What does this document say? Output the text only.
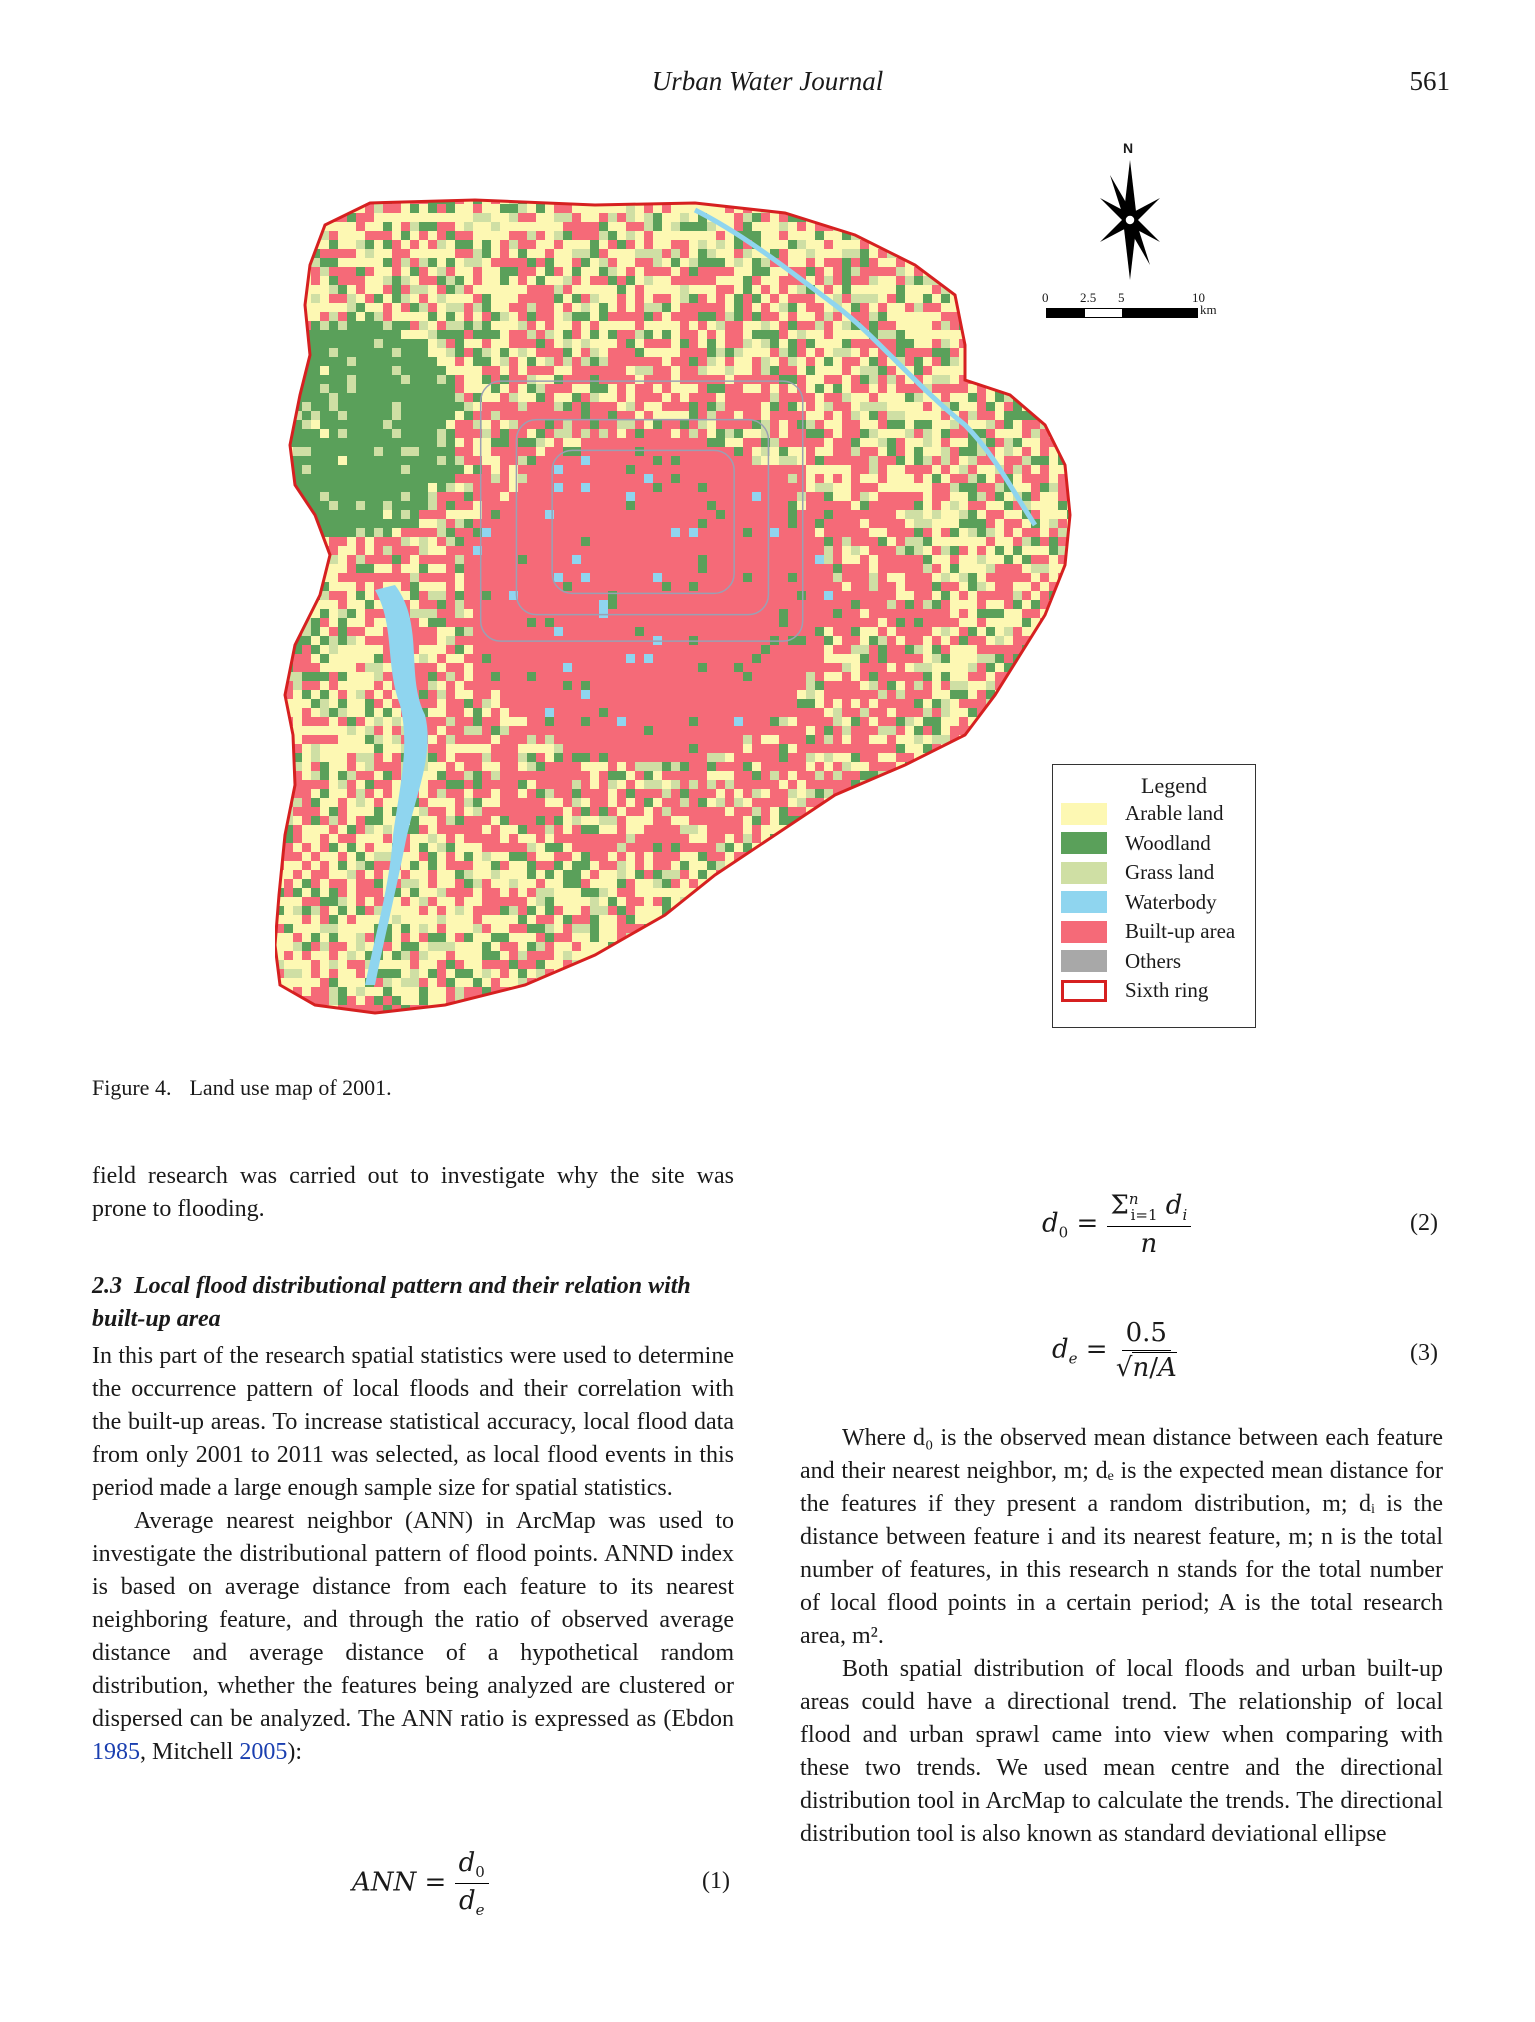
Urban Water Journal	561
N
0 2.5 5	10
km
Legend
Arable land
Woodland
Grass land
Waterbody
Built-up area
Others
Sixth ring
Figure 4. Land use map of 2001.

field research was carried out to investigate why the site was prone to flooding.

2.3 Local flood distributional pattern and their relation with built-up area

In this part of the research spatial statistics were used to determine the occurrence pattern of local floods and their correlation with the built-up areas. To increase statistical accuracy, local flood data from only 2001 to 2011 was selected, as local flood events in this period made a large enough sample size for spatial statistics.

Average nearest neighbor (ANN) in ArcMap was used to investigate the distributional pattern of flood points. ANND index is based on average distance from each feature to its nearest neighboring feature, and through the ratio of observed average distance and average distance of a hypothetical random distribution, whether the features being analyzed are clustered or dispersed can be analyzed. The ANN ratio is expressed as (Ebdon 1985, Mitchell 2005):

ANN = $\frac{d_0}{d_e}$	(1)
$d_0 = \frac{\Sigma^n_{i=1} d_i}{n}$	(2)
$d_e = \frac{0.5}{√n/A}$	(3)

Where d₀ is the observed mean distance between each feature and their nearest neighbor, m; dₑ is the expected mean distance for the features if they present a random distribution, m; dᵢ is the distance between feature i and its nearest feature, m; n is the total number of features, in this research n stands for the total number of local flood points in a certain period; A is the total research area, m².

Both spatial distribution of local floods and urban built-up areas could have a directional trend. The relationship of local flood and urban sprawl came into view when comparing with these two trends. We used mean centre and the directional distribution tool in ArcMap to calculate the trends. The directional distribution tool is also known as standard deviational ellipse
